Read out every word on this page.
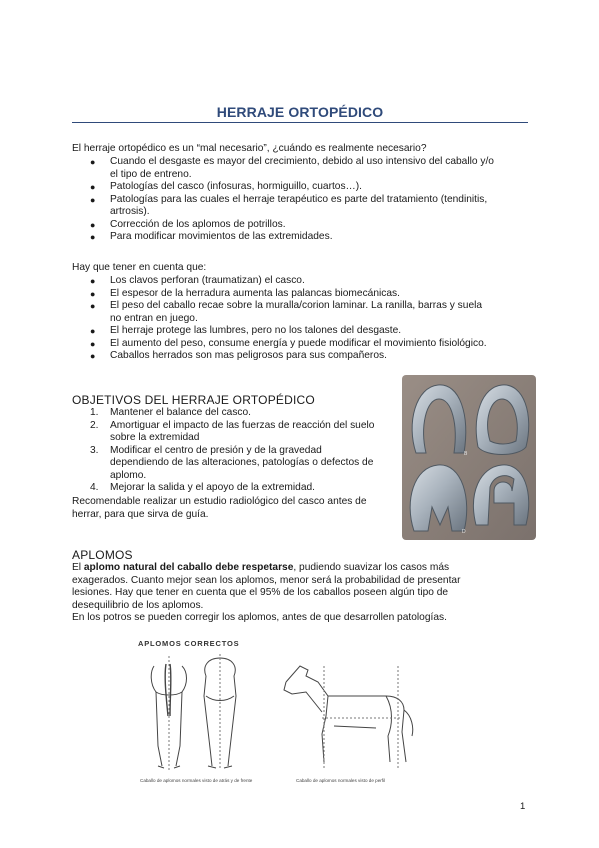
HERRAJE ORTOPÉDICO

El herraje ortopédico es un “mal necesario”, ¿cuándo es realmente necesario?

● Cuando el desgaste es mayor del crecimiento, debido al uso intensivo del caballo y/o
el tipo de entreno.
● Patologías del casco (infosuras, hormiguillo, cuartos…).
● Patologías para las cuales el herraje terapéutico es parte del tratamiento (tendinitis,
artrosis).
● Corrección de los aplomos de potrillos.
● Para modificar movimientos de las extremidades.

Hay que tener en cuenta que:

● Los clavos perforan (traumatizan) el casco.
● El espesor de la herradura aumenta las palancas biomecánicas.
● El peso del caballo recae sobre la muralla/corion laminar. La ranilla, barras y suela
no entran en juego.
● El herraje protege las lumbres, pero no los talones del desgaste.
● El aumento del peso, consume energía y puede modificar el movimiento fisiológico.
● Caballos herrados son mas peligrosos para sus compañeros.
OBJETIVOS DEL HERRAJE ORTOPÉDICO
1. Mantener el balance del casco.
2. Amortiguar el impacto de las fuerzas de reacción del suelo
sobre la extremidad
3. Modificar el centro de presión y de la gravedad
dependiendo de las alteraciones, patologías o defectos de
aplomo.
4. Mejorar la salida y el apoyo de la extremidad.

Recomendable realizar un estudio radiológico del casco antes de
herrar, para que sirva de guía.

B
D
APLOMOS

El aplomo natural del caballo debe respetarse, pudiendo suavizar los casos más
exagerados. Cuanto mejor sean los aplomos, menor será la probabilidad de presentar
lesiones. Hay que tener en cuenta que el 95% de los caballos poseen algún tipo de
desequilibrio de los aplomos.

En los potros se pueden corregir los aplomos, antes de que desarrollen patologías.

APLOMOS CORRECTOS
Caballo de aplomos normales visto de atrás y de frente	Caballo de aplomos normales visto de perfil
1
